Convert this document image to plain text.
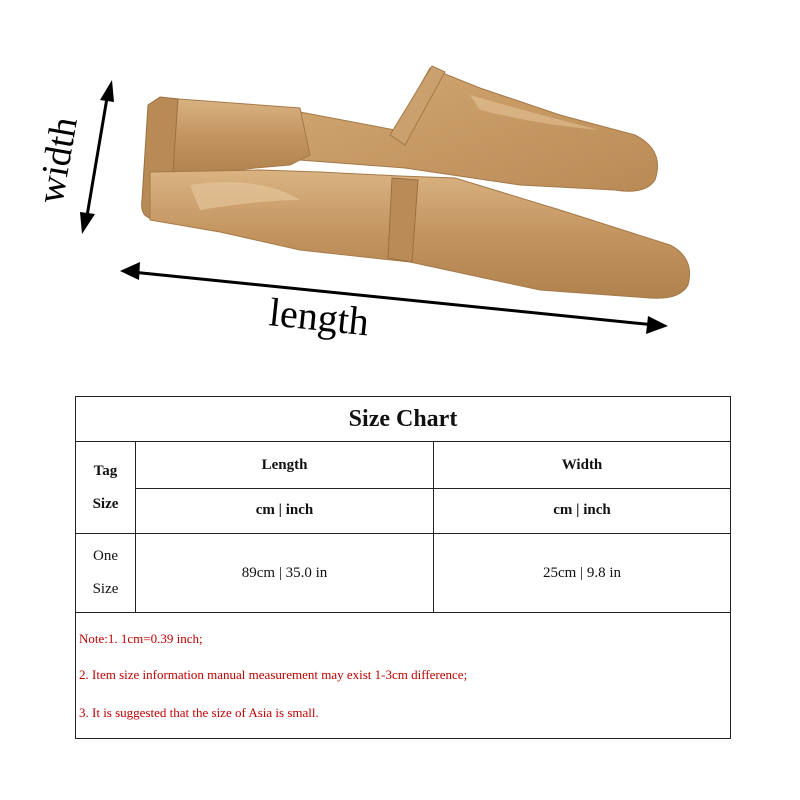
width
length
Size Chart
Tag
Size
Length	Width
cm | inch	cm | inch
One
Size
89cm | 35.0 in	25cm | 9.8 in
Note:1. 1cm=0.39 inch;
2. Item size information manual measurement may exist 1-3cm difference;
3. It is suggested that the size of Asia is small.
